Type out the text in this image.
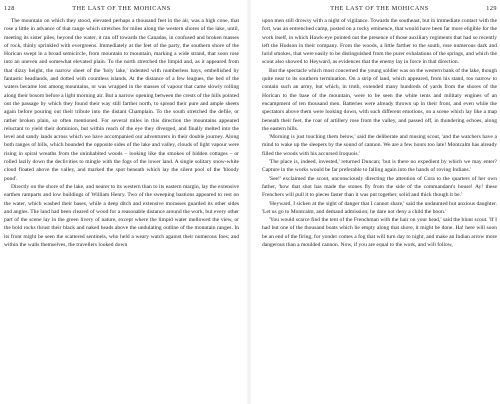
128	THE LAST OF THE MOHICANS

The mountain on which they stood, elevated perhaps a thousand feet in the air, was a high cone, that rose a little in advance of that range which stretches for miles along the western shores of the lake, until, meeting its sister piles, beyond the water, it ran off towards the Canadas, in confused and broken masses of rock, thinly sprinkled with evergreens. Immediately at the feet of the party, the southern shore of the Horican swept in a broad semicircle, from mountain to mountain, marking a wide strand, that soon rose into an uneven and somewhat elevated plain. To the north stretched the limpid and, as it appeared from that dizzy height, the narrow sheet of the 'holy lake,' indented with numberless bays, embellished by fantastic headlands, and dotted with countless islands. At the distance of a few leagues, the bed of the waters became lost among mountains, or was wrapped in the masses of vapour that came slowly rolling along their bosom before a light morning air. But a narrow opening between the crests of the hills pointed out the passage by which they found their way still farther north, to spread their pure and ample sheets again before pouring out their tribute into the distant Champlain. To the south stretched the defile, or rather broken plain, so often mentioned. For several miles in this direction the mountains appeared reluctant to yield their dominion, but within reach of the eye they diverged, and finally melted into the level and sandy lands across which we have accompanied our adventurers in their double journey. Along both ranges of hills, which bounded the opposite sides of the lake and valley, clouds of light vapour were rising in spiral wreaths from the uninhabited woods – looking like the smokes of hidden cottages – or rolled lazily down the declivities to mingle with the fogs of the lower land. A single solitary snow-white cloud floated above the valley, and marked the spot beneath which lay the silent pool of the 'bloody pond'.

Directly on the shore of the lake, and nearer to its western than to its eastern margin, lay the extensive earthen ramparts and low buildings of William Henry. Two of the sweeping bastions appeared to rest on the water, which washed their bases, while a deep ditch and extensive morasses guarded its other sides and angles. The land had been cleared of wood for a reasonable distance around the work, but every other part of the scene lay in the green livery of nature, except where the limpid water mellowed the view, or the bold rocks thrust their black and naked heads above the undulating outline of the mountain ranges. In its front might be seen the scattered sentinels, who held a weary watch against their numerous foes; and within the walls themselves, the travellers looked down

THE LAST OF THE MOHICANS	129

upon men still drowsy with a night of vigilance. Towards the southeast, but in immediate contact with the fort, was an entrenched camp, posted on a rocky eminence, that would have been far more eligible for the work itself, in which Hawk-eye pointed out the presence of those auxiliary regiments that had so recently left the Hudson in their company. From the woods, a little farther to the south, rose numerous dark and lurid smokes, that were easily to be distinguished from the purer exhalations of the springs, and which the scout also showed to Heyward, as evidences that the enemy lay in force in that direction.

But the spectacle which most concerned the young soldier was on the western bank of the lake, though quite near to its southern termination. On a strip of land, which appeared, from his stand, too narrow to contain such an army, but which, in truth, extended many hundreds of yards from the shores of the Horican to the base of the mountain, were to be seen the white tents and military engines of an encampment of ten thousand men. Batteries were already thrown up in their front, and even while the spectators above them were looking down, with such different emotions, on a scene which lay like a map beneath their feet, the roar of artillery rose from the valley, and passed off, in thundering echoes, along the eastern hills.

'Morning is just touching them below,' said the deliberate and musing scout, 'and the watchers have a mind to wake up the sleepers by the sound of cannon. We are a few hours too late! Montcalm has already filled the woods with his accursed Iroquois.'

'The place is, indeed, invested,' returned Duncan; 'but is there no expedient by which we may enter? Capture in the works would be far preferable to falling again into the hands of roving Indians.'

'See!' exclaimed the scout, unconsciously directing the attention of Cora to the quarters of her own father, 'how that shot has made the stones fly from the side of the commandant's house! Ay! these Frenchers will pull it to pieces faster than it was put together, solid and thick though it be.'

'Heyward, I sicken at the sight of danger that I cannot share,' said the undaunted but anxious daughter. 'Let us go to Montcalm, and demand admission; he dare not deny a child the boon.'

'You would scarce find the tent of the Frenchman with the hair on your head,' said the blunt scout. 'If I had but one of the thousand boats which lie empty along that shore, it might be done. Ha! here will soon be an end of the firing, for yonder comes a fog that will turn day to night, and make an Indian arrow more dangerous than a moulded cannon. Now, if you are equal to the work, and will follow,
